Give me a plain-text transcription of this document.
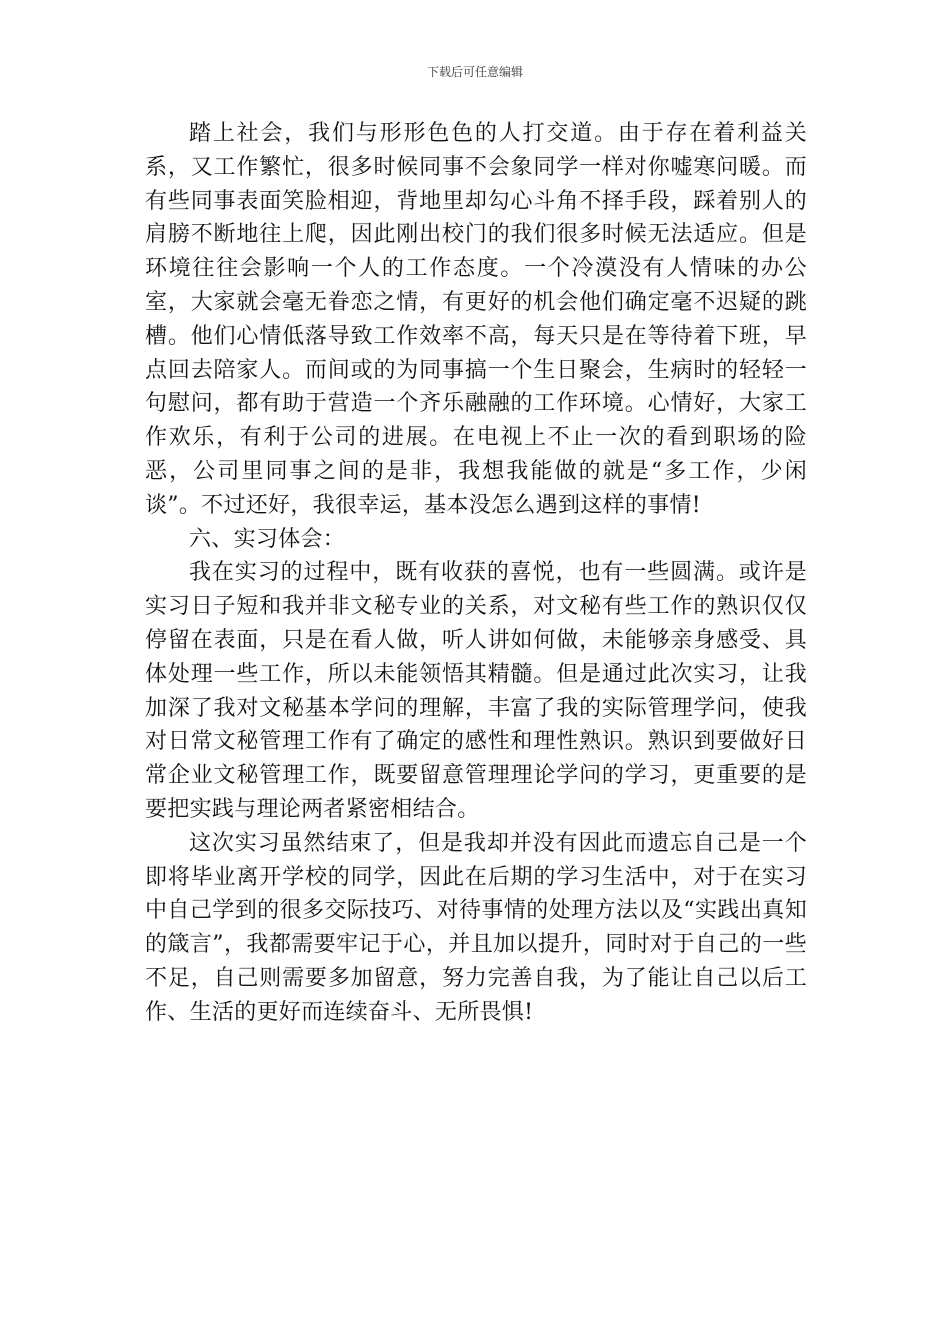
下载后可任意编辑

踏上社会，我们与形形色色的人打交道。由于存在着利益关系，又工作繁忙，很多时候同事不会象同学一样对你嘘寒问暖。而有些同事表面笑脸相迎，背地里却勾心斗角不择手段，踩着别人的肩膀不断地往上爬，因此刚出校门的我们很多时候无法适应。但是环境往往会影响一个人的工作态度。一个冷漠没有人情味的办公室，大家就会毫无眷恋之情，有更好的机会他们确定毫不迟疑的跳槽。他们心情低落导致工作效率不高，每天只是在等待着下班，早点回去陪家人。而间或的为同事搞一个生日聚会，生病时的轻轻一句慰问，都有助于营造一个齐乐融融的工作环境。心情好，大家工作欢乐，有利于公司的进展。在电视上不止一次的看到职场的险恶，公司里同事之间的是非，我想我能做的就是“多工作，少闲谈”。不过还好，我很幸运，基本没怎么遇到这样的事情!

六、实习体会：

我在实习的过程中，既有收获的喜悦，也有一些圆满。或许是实习日子短和我并非文秘专业的关系，对文秘有些工作的熟识仅仅停留在表面，只是在看人做，听人讲如何做，未能够亲身感受、具体处理一些工作，所以未能领悟其精髓。但是通过此次实习，让我加深了我对文秘基本学问的理解，丰富了我的实际管理学问，使我对日常文秘管理工作有了确定的感性和理性熟识。熟识到要做好日常企业文秘管理工作，既要留意管理理论学问的学习，更重要的是要把实践与理论两者紧密相结合。

这次实习虽然结束了，但是我却并没有因此而遗忘自己是一个即将毕业离开学校的同学，因此在后期的学习生活中，对于在实习中自己学到的很多交际技巧、对待事情的处理方法以及“实践出真知的箴言”，我都需要牢记于心，并且加以提升，同时对于自己的一些不足，自己则需要多加留意，努力完善自我，为了能让自己以后工作、生活的更好而连续奋斗、无所畏惧!
